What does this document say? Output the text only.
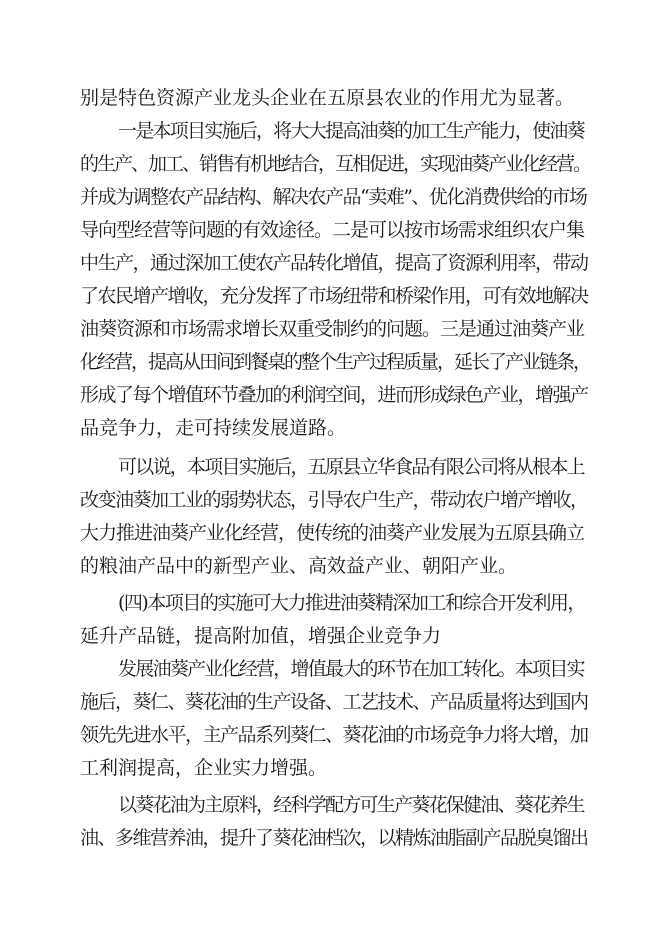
别是特色资源产业龙头企业在五原县农业的作用尤为显著。
一是本项目实施后，将大大提高油葵的加工生产能力，使油葵
的生产、加工、销售有机地结合，互相促进，实现油葵产业化经营。
并成为调整农产品结构、解决农产品“卖难”、优化消费供给的市场
导向型经营等问题的有效途径。二是可以按市场需求组织农户集
中生产，通过深加工使农产品转化增值，提高了资源利用率，带动
了农民增产增收，充分发挥了市场纽带和桥梁作用，可有效地解决
油葵资源和市场需求增长双重受制约的问题。三是通过油葵产业
化经营，提高从田间到餐桌的整个生产过程质量，延长了产业链条，
形成了每个增值环节叠加的利润空间，进而形成绿色产业，增强产
品竞争力，走可持续发展道路。
可以说，本项目实施后，五原县立华食品有限公司将从根本上
改变油葵加工业的弱势状态，引导农户生产，带动农户增产增收，
大力推进油葵产业化经营，使传统的油葵产业发展为五原县确立
的粮油产品中的新型产业、高效益产业、朝阳产业。
(四)本项目的实施可大力推进油葵精深加工和综合开发利用，
延升产品链，提高附加值，增强企业竞争力
发展油葵产业化经营，增值最大的环节在加工转化。本项目实
施后，葵仁、葵花油的生产设备、工艺技术、产品质量将达到国内
领先先进水平，主产品系列葵仁、葵花油的市场竞争力将大增，加
工利润提高，企业实力增强。
以葵花油为主原料，经科学配方可生产葵花保健油、葵花养生
油、多维营养油，提升了葵花油档次，以精炼油脂副产品脱臭馏出
